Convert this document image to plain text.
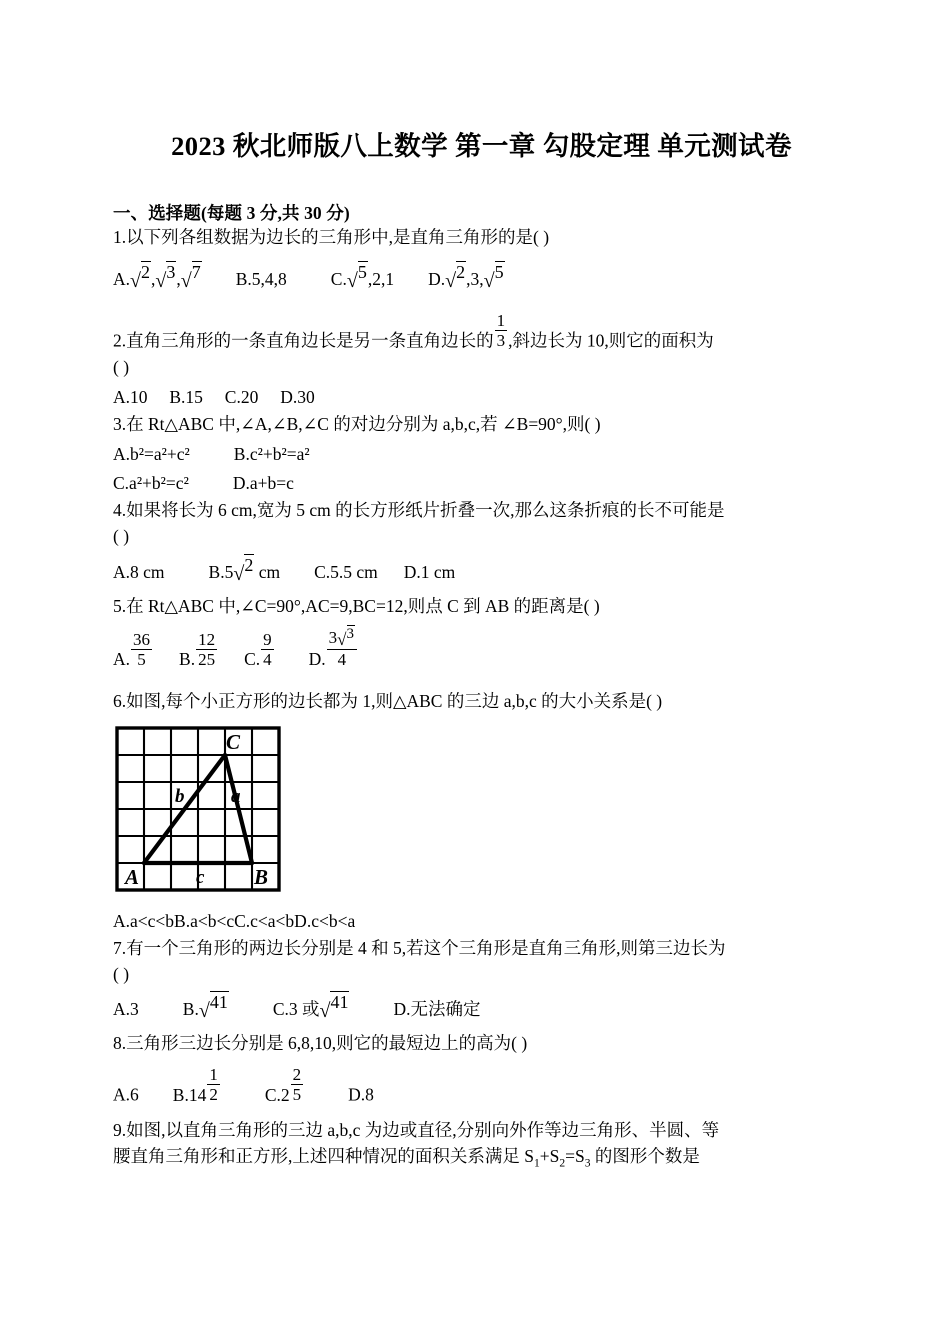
2023 秋北师版八上数学 第一章 勾股定理 单元测试卷
一、选择题(每题 3 分,共 30 分)
1.以下列各组数据为边长的三角形中,是直角三角形的是( )
A.√2,√3,√7 B.5,4,8	C.√5,2,1 D.√2,3,√5
2.直角三角形的一条直角边长是另一条直角边长的 $\frac{1}{3}$ ,斜边长为 10,则它的面积为
( )
A.10     B.15     C.20     D.30
3.在 Rt△ABC 中,∠A,∠B,∠C 的对边分别为 a,b,c,若 ∠B=90°,则( )
A.b²=a²+c²	B.c²+b²=a²
C.a²+b²=c²	D.a+b=c
4.如果将长为 6 cm,宽为 5 cm 的长方形纸片折叠一次,那么这条折痕的长不可能是
( )
A.8 cm	B.5√2 cm C.5.5 cm D.1 cm
5.在 Rt△ABC 中,∠C=90°,AC=9,BC=12,则点 C 到 AB 的距离是( )
A. $\frac{36}{5} B$. $\frac{12}{25} C$. $\frac{9}{4} D$. $\frac{3√3}{4}$
6.如图,每个小正方形的边长都为 1,则△ABC 的三边 a,b,c 的大小关系是( )
C
A	B
b a
c
A.a<c<bB.a<b<cC.c<a<bD.c<b<a
7.有一个三角形的两边长分别是 4 和 5,若这个三角形是直角三角形,则第三边长为
( )
A.3	B.√41	C.3 或√41	D.无法确定
8.三角形三边长分别是 6,8,10,则它的最短边上的高为( )
A.6 $B.14 \frac{1}{2}$	$C.2 \frac{2}{5}$	D.8
9.如图,以直角三角形的三边 a,b,c 为边或直径,分别向外作等边三角形、半圆、等
腰直角三角形和正方形,上述四种情况的面积关系满足 $S_1+S_2=S_3$ 的图形个数是
